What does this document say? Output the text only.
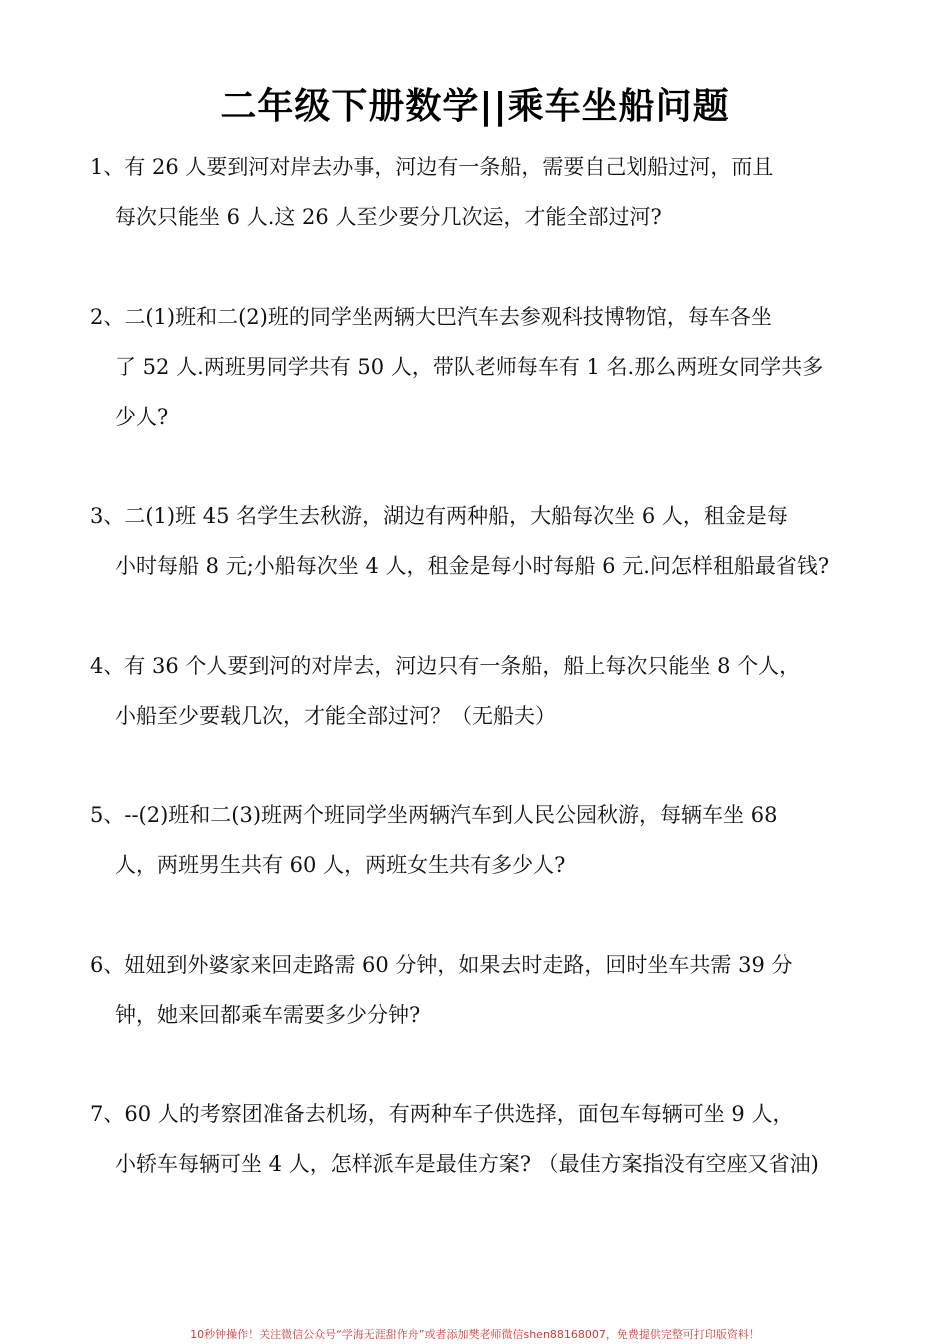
二年级下册数学||乘车坐船问题
1、有 26 人要到河对岸去办事，河边有一条船，需要自己划船过河，而且
每次只能坐 6 人.这 26 人至少要分几次运，才能全部过河?
2、二(1)班和二(2)班的同学坐两辆大巴汽车去参观科技博物馆，每车各坐
了 52 人.两班男同学共有 50 人，带队老师每车有 1 名.那么两班女同学共多
少人?
3、二(1)班 45 名学生去秋游，湖边有两种船，大船每次坐 6 人，租金是每
小时每船 8 元;小船每次坐 4 人，租金是每小时每船 6 元.问怎样租船最省钱?
4、有 36 个人要到河的对岸去，河边只有一条船，船上每次只能坐 8 个人，
小船至少要载几次，才能全部过河？（无船夫）
5、--(2)班和二(3)班两个班同学坐两辆汽车到人民公园秋游，每辆车坐 68
人，两班男生共有 60 人，两班女生共有多少人?
6、妞妞到外婆家来回走路需 60 分钟，如果去时走路，回时坐车共需 39 分
钟，她来回都乘车需要多少分钟?
7、60 人的考察团准备去机场，有两种车子供选择，面包车每辆可坐 9 人，
小轿车每辆可坐 4 人，怎样派车是最佳方案? （最佳方案指没有空座又省油)
10秒钟操作！关注微信公众号“学海无涯甜作舟”或者添加樊老师微信shen88168007，免费提供完整可打印版资料！
